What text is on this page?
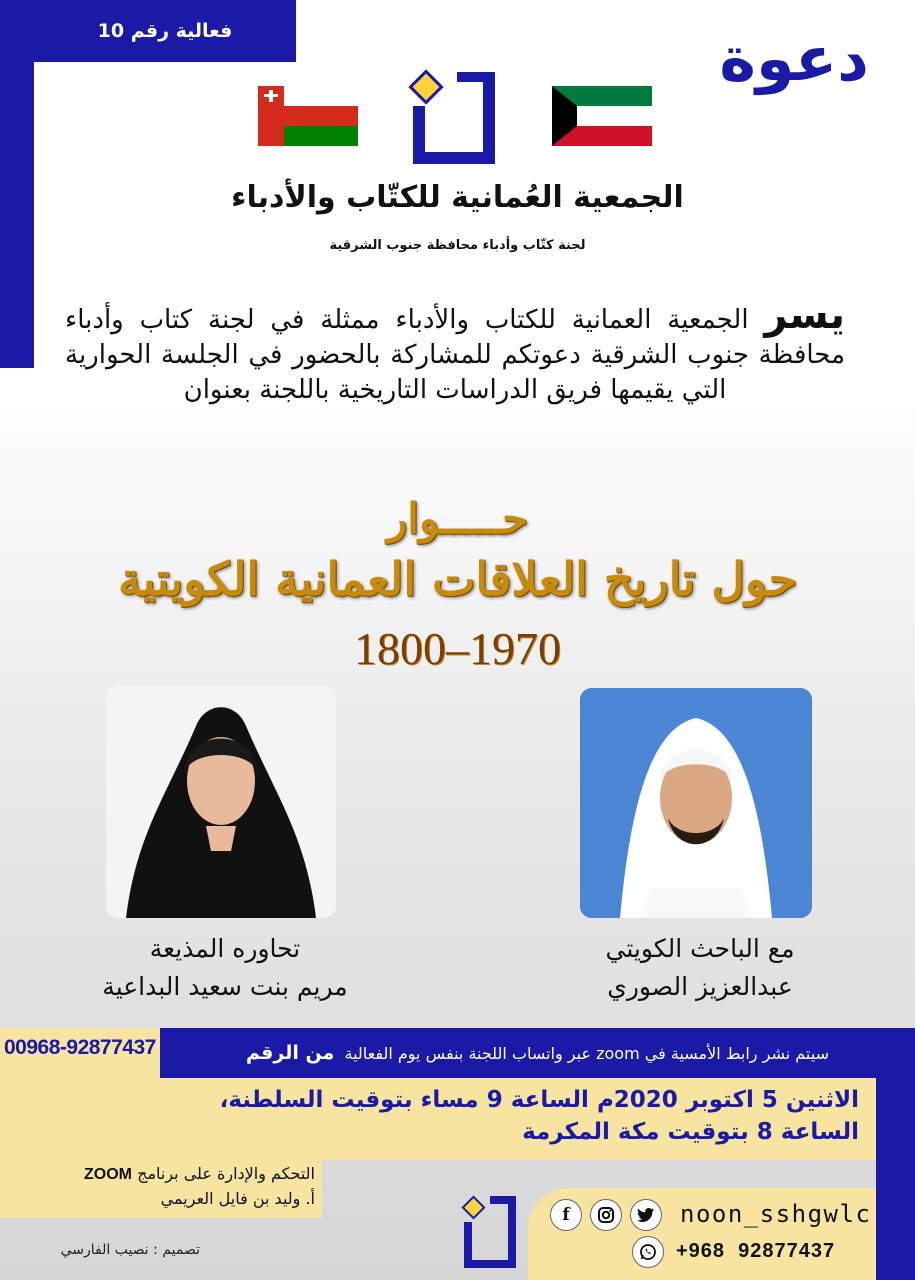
فعالية رقم 10	دعوة
الجمعية العُمانية للكتّاب والأدباء
لجنة كتّاب وأدباء محافظة جنوب الشرقية
يسر الجمعية العمانية للكتاب والأدباء ممثلة في لجنة كتاب وأدباء محافظة جنوب الشرقية دعوتكم للمشاركة بالحضور في الجلسة الحوارية التي يقيمها فريق الدراسات التاريخية باللجنة بعنوان
حـــــوار
حول تاريخ العلاقات العمانية الكويتية
1800–1970
تحاوره المذيعة
مريم بنت سعيد البداعية
مع الباحث الكويتي
عبدالعزيز الصوري
00968-92877437	سيتم نشر رابط الأمسية في zoom عبر واتساب اللجنة بنفس يوم الفعالية

من الرقم
الاثنين 5 اكتوبر 2020م الساعة 9 مساء بتوقيت السلطنة،
الساعة 8 بتوقيت مكة المكرمة
التحكم والإدارة على برنامج ZOOM
أ. وليد بن فايل العريمي
تصميم : نصيب الفارسي
f	noon_sshgwlc
+968  92877437
